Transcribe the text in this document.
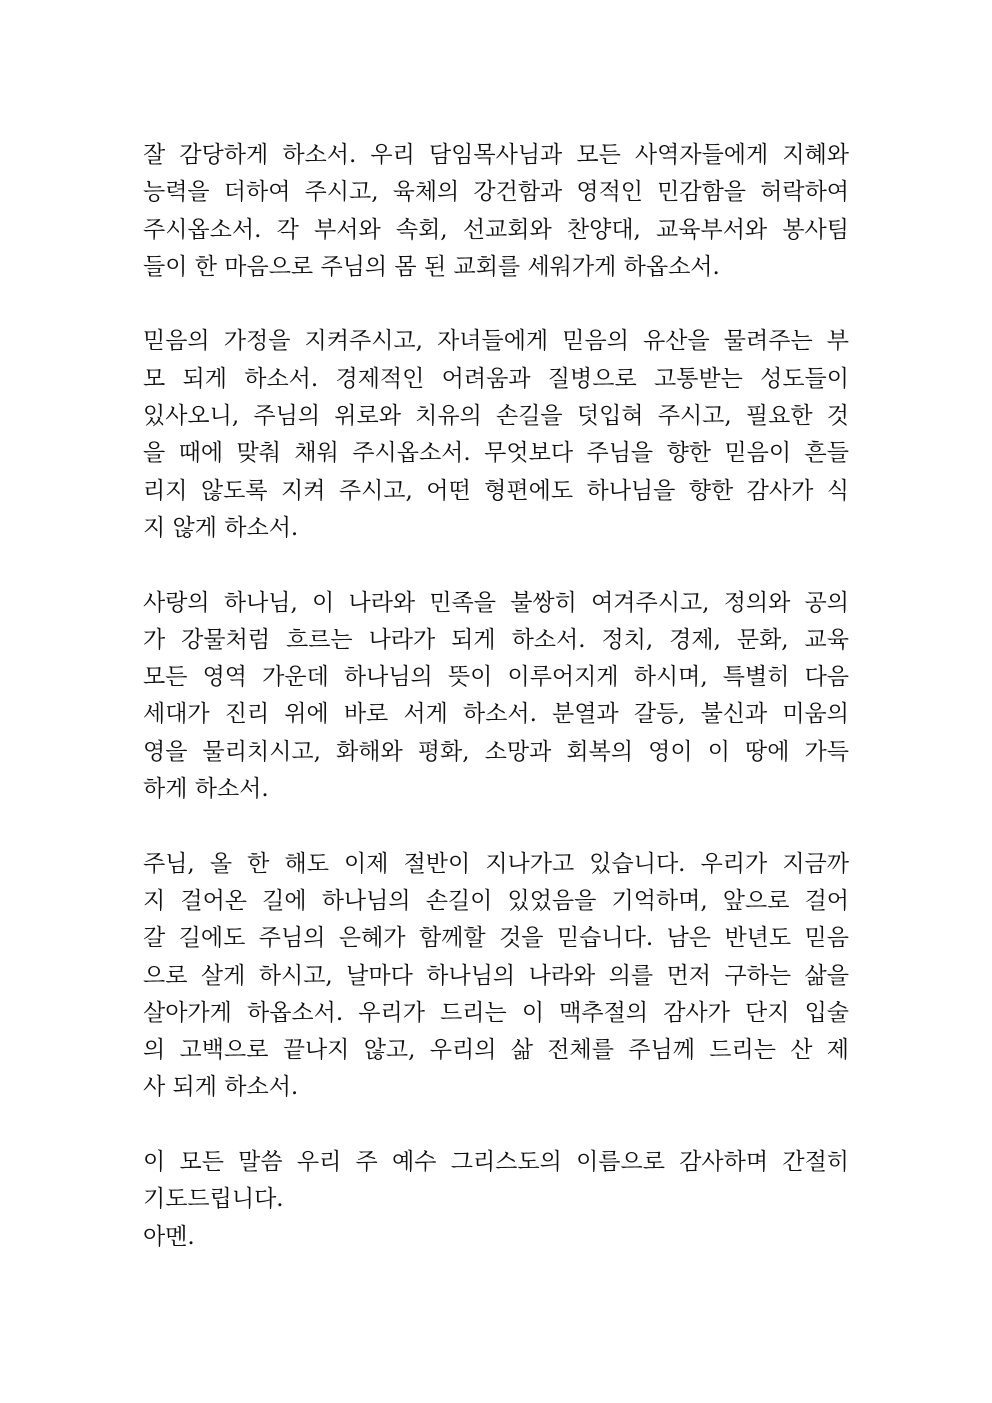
잘 감당하게 하소서. 우리 담임목사님과 모든 사역자들에게 지혜와
능력을 더하여 주시고, 육체의 강건함과 영적인 민감함을 허락하여
주시옵소서. 각 부서와 속회, 선교회와 찬양대, 교육부서와 봉사팀
들이 한 마음으로 주님의 몸 된 교회를 세워가게 하옵소서.
믿음의 가정을 지켜주시고, 자녀들에게 믿음의 유산을 물려주는 부
모 되게 하소서. 경제적인 어려움과 질병으로 고통받는 성도들이
있사오니, 주님의 위로와 치유의 손길을 덧입혀 주시고, 필요한 것
을 때에 맞춰 채워 주시옵소서. 무엇보다 주님을 향한 믿음이 흔들
리지 않도록 지켜 주시고, 어떤 형편에도 하나님을 향한 감사가 식
지 않게 하소서.
사랑의 하나님, 이 나라와 민족을 불쌍히 여겨주시고, 정의와 공의
가 강물처럼 흐르는 나라가 되게 하소서. 정치, 경제, 문화, 교육
모든 영역 가운데 하나님의 뜻이 이루어지게 하시며, 특별히 다음
세대가 진리 위에 바로 서게 하소서. 분열과 갈등, 불신과 미움의
영을 물리치시고, 화해와 평화, 소망과 회복의 영이 이 땅에 가득
하게 하소서.
주님, 올 한 해도 이제 절반이 지나가고 있습니다. 우리가 지금까
지 걸어온 길에 하나님의 손길이 있었음을 기억하며, 앞으로 걸어
갈 길에도 주님의 은혜가 함께할 것을 믿습니다. 남은 반년도 믿음
으로 살게 하시고, 날마다 하나님의 나라와 의를 먼저 구하는 삶을
살아가게 하옵소서. 우리가 드리는 이 맥추절의 감사가 단지 입술
의 고백으로 끝나지 않고, 우리의 삶 전체를 주님께 드리는 산 제
사 되게 하소서.
이 모든 말씀 우리 주 예수 그리스도의 이름으로 감사하며 간절히
기도드립니다.
아멘.
